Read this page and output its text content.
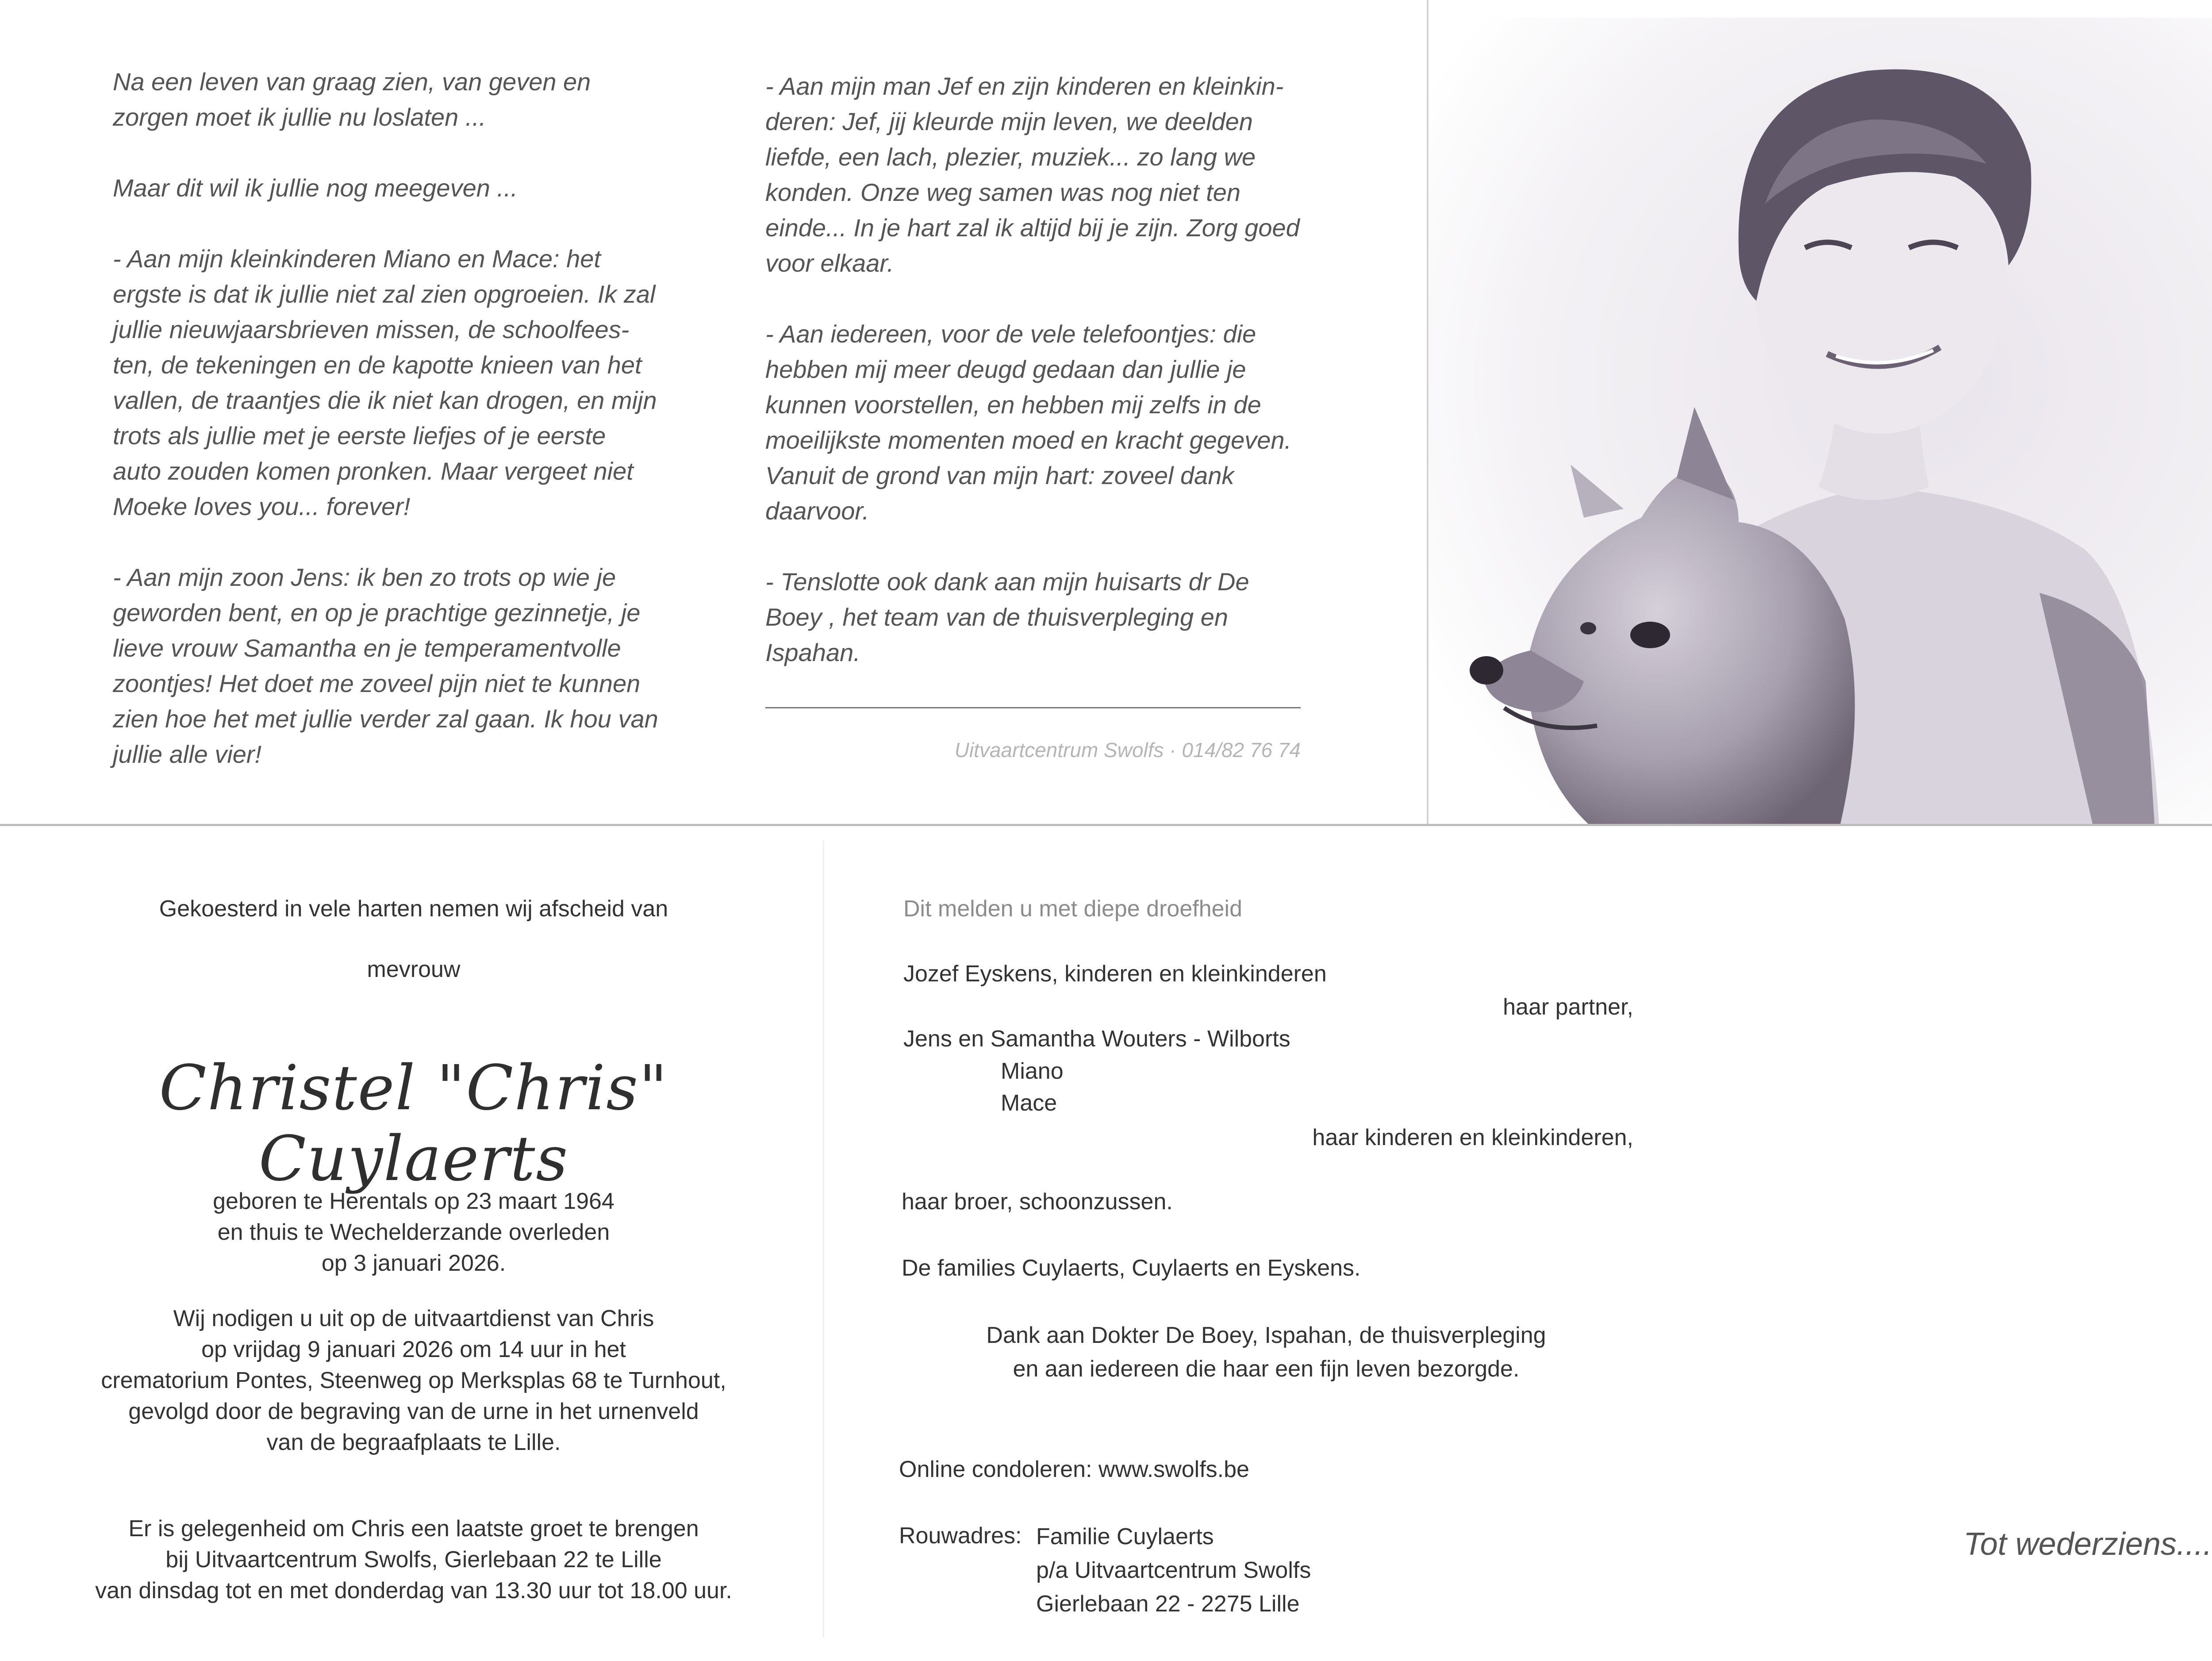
Na een leven van graag zien, van geven en
zorgen moet ik jullie nu loslaten ...

Maar dit wil ik jullie nog meegeven ...

- Aan mijn kleinkinderen Miano en Mace: het
ergste is dat ik jullie niet zal zien opgroeien. Ik zal
jullie nieuwjaarsbrieven missen, de schoolfees-
ten, de tekeningen en de kapotte knieen van het
vallen, de traantjes die ik niet kan drogen, en mijn
trots als jullie met je eerste liefjes of je eerste
auto zouden komen pronken. Maar vergeet niet
Moeke loves you... forever!

- Aan mijn zoon Jens: ik ben zo trots op wie je
geworden bent, en op je prachtige gezinnetje, je
lieve vrouw Samantha en je temperamentvolle
zoontjes! Het doet me zoveel pijn niet te kunnen
zien hoe het met jullie verder zal gaan. Ik hou van
jullie alle vier!

- Aan mijn man Jef en zijn kinderen en kleinkin-
deren: Jef, jij kleurde mijn leven, we deelden
liefde, een lach, plezier, muziek... zo lang we
konden. Onze weg samen was nog niet ten
einde... In je hart zal ik altijd bij je zijn. Zorg goed
voor elkaar.

- Aan iedereen, voor de vele telefoontjes: die
hebben mij meer deugd gedaan dan jullie je
kunnen voorstellen, en hebben mij zelfs in de
moeilijkste momenten moed en kracht gegeven.
Vanuit de grond van mijn hart: zoveel dank
daarvoor.

- Tenslotte ook dank aan mijn huisarts dr De
Boey , het team van de thuisverpleging en
Ispahan.

Uitvaartcentrum Swolfs · 014/82 76 74
Gekoesterd in vele harten nemen wij afscheid van
mevrouw
Christel "Chris" Cuylaerts
geboren te Herentals op 23 maart 1964
en thuis te Wechelderzande overleden
op 3 januari 2026.
Wij nodigen u uit op de uitvaartdienst van Chris
op vrijdag 9 januari 2026 om 14 uur in het
crematorium Pontes, Steenweg op Merksplas 68 te Turnhout,
gevolgd door de begraving van de urne in het urnenveld
van de begraafplaats te Lille.
Er is gelegenheid om Chris een laatste groet te brengen
bij Uitvaartcentrum Swolfs, Gierlebaan 22 te Lille
van dinsdag tot en met donderdag van 13.30 uur tot 18.00 uur.
Dit melden u met diepe droefheid
Jozef Eyskens, kinderen en kleinkinderen
haar partner,
Jens en Samantha Wouters - Wilborts
Miano
Mace
haar kinderen en kleinkinderen,
haar broer, schoonzussen.
De families Cuylaerts, Cuylaerts en Eyskens.
Dank aan Dokter De Boey, Ispahan, de thuisverpleging
en aan iedereen die haar een fijn leven bezorgde.
Online condoleren: www.swolfs.be
Rouwadres: Familie Cuylaerts
p/a Uitvaartcentrum Swolfs
Gierlebaan 22 - 2275 Lille
Tot wederziens....
